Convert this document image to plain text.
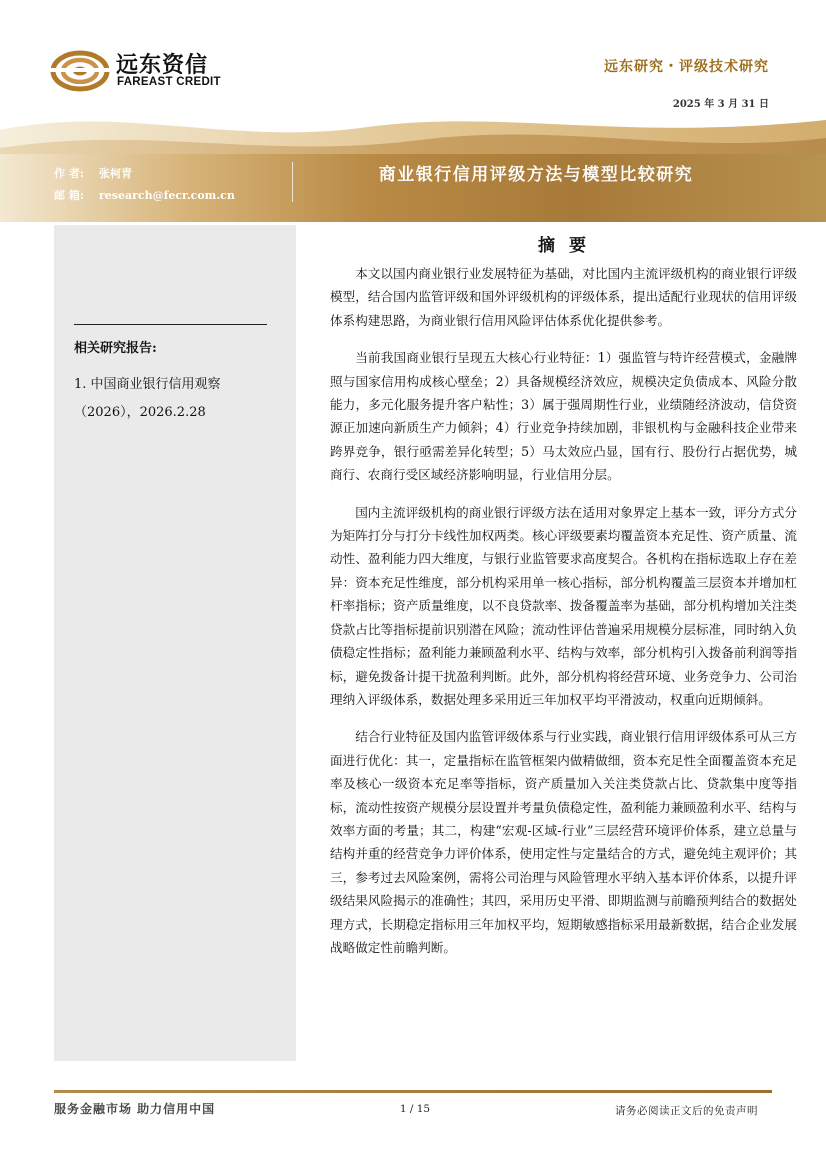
远东资信
FAREAST CREDIT
远东研究・评级技术研究
2025 年 3 月 31 日
作 者: 张柯青
邮 箱: research@fecr.com.cn
商业银行信用评级方法与模型比较研究
相关研究报告:
1. 中国商业银行信用观察（2026），2026.2.28
摘 要

本文以国内商业银行业发展特征为基础，对比国内主流评级机构的商业银行评级模型，结合国内监管评级和国外评级机构的评级体系，提出适配行业现状的信用评级体系构建思路，为商业银行信用风险评估体系优化提供参考。

当前我国商业银行呈现五大核心行业特征：1）强监管与特许经营模式，金融牌照与国家信用构成核心壁垒；2）具备规模经济效应，规模决定负债成本、风险分散能力，多元化服务提升客户粘性；3）属于强周期性行业，业绩随经济波动，信贷资源正加速向新质生产力倾斜；4）行业竞争持续加剧，非银机构与金融科技企业带来跨界竞争，银行亟需差异化转型；5）马太效应凸显，国有行、股份行占据优势，城商行、农商行受区域经济影响明显，行业信用分层。

国内主流评级机构的商业银行评级方法在适用对象界定上基本一致，评分方式分为矩阵打分与打分卡线性加权两类。核心评级要素均覆盖资本充足性、资产质量、流动性、盈利能力四大维度，与银行业监管要求高度契合。各机构在指标选取上存在差异：资本充足性维度，部分机构采用单一核心指标，部分机构覆盖三层资本并增加杠杆率指标；资产质量维度，以不良贷款率、拨备覆盖率为基础，部分机构增加关注类贷款占比等指标提前识别潜在风险；流动性评估普遍采用规模分层标准，同时纳入负债稳定性指标；盈利能力兼顾盈利水平、结构与效率，部分机构引入拨备前利润等指标，避免拨备计提干扰盈利判断。此外，部分机构将经营环境、业务竞争力、公司治理纳入评级体系，数据处理多采用近三年加权平均平滑波动，权重向近期倾斜。

结合行业特征及国内监管评级体系与行业实践，商业银行信用评级体系可从三方面进行优化：其一，定量指标在监管框架内做精做细，资本充足性全面覆盖资本充足率及核心一级资本充足率等指标，资产质量加入关注类贷款占比、贷款集中度等指标，流动性按资产规模分层设置并考量负债稳定性，盈利能力兼顾盈利水平、结构与效率方面的考量；其二，构建“宏观-区域-行业”三层经营环境评价体系，建立总量与结构并重的经营竞争力评价体系，使用定性与定量结合的方式，避免纯主观评价；其三，参考过去风险案例，需将公司治理与风险管理水平纳入基本评价体系，以提升评级结果风险揭示的准确性；其四，采用历史平滑、即期监测与前瞻预判结合的数据处理方式，长期稳定指标用三年加权平均，短期敏感指标采用最新数据，结合企业发展战略做定性前瞻判断。

服务金融市场 助力信用中国	1 / 15	请务必阅读正文后的免责声明
